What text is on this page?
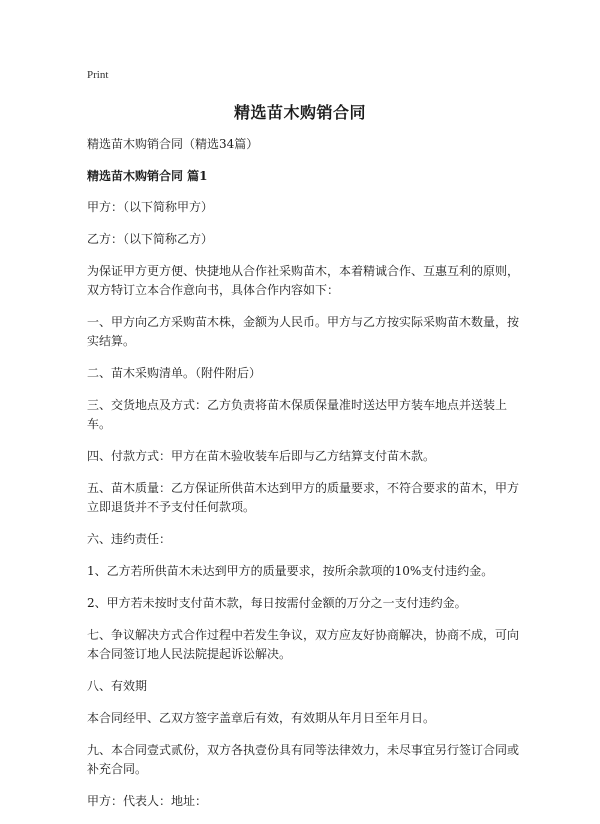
Print
精选苗木购销合同

精选苗木购销合同（精选34篇）

精选苗木购销合同 篇1

甲方：（以下简称甲方）

乙方：（以下简称乙方）

为保证甲方更方便、快捷地从合作社采购苗木，本着精诚合作、互惠互利的原则，双方特订立本合作意向书，具体合作内容如下：

一、甲方向乙方采购苗木株，金额为人民币。甲方与乙方按实际采购苗木数量，按实结算。

二、苗木采购清单。（附件附后）

三、交货地点及方式：乙方负责将苗木保质保量准时送达甲方装车地点并送装上车。

四、付款方式：甲方在苗木验收装车后即与乙方结算支付苗木款。

五、苗木质量：乙方保证所供苗木达到甲方的质量要求，不符合要求的苗木，甲方立即退货并不予支付任何款项。

六、违约责任：

1、乙方若所供苗木未达到甲方的质量要求，按所余款项的10%支付违约金。

2、甲方若未按时支付苗木款，每日按需付金额的万分之一支付违约金。

七、争议解决方式合作过程中若发生争议，双方应友好协商解决，协商不成，可向本合同签订地人民法院提起诉讼解决。

八、有效期

本合同经甲、乙双方签字盖章后有效，有效期从年月日至年月日。

九、本合同壹式贰份，双方各执壹份具有同等法律效力，未尽事宜另行签订合同或补充合同。

甲方：代表人：地址：
